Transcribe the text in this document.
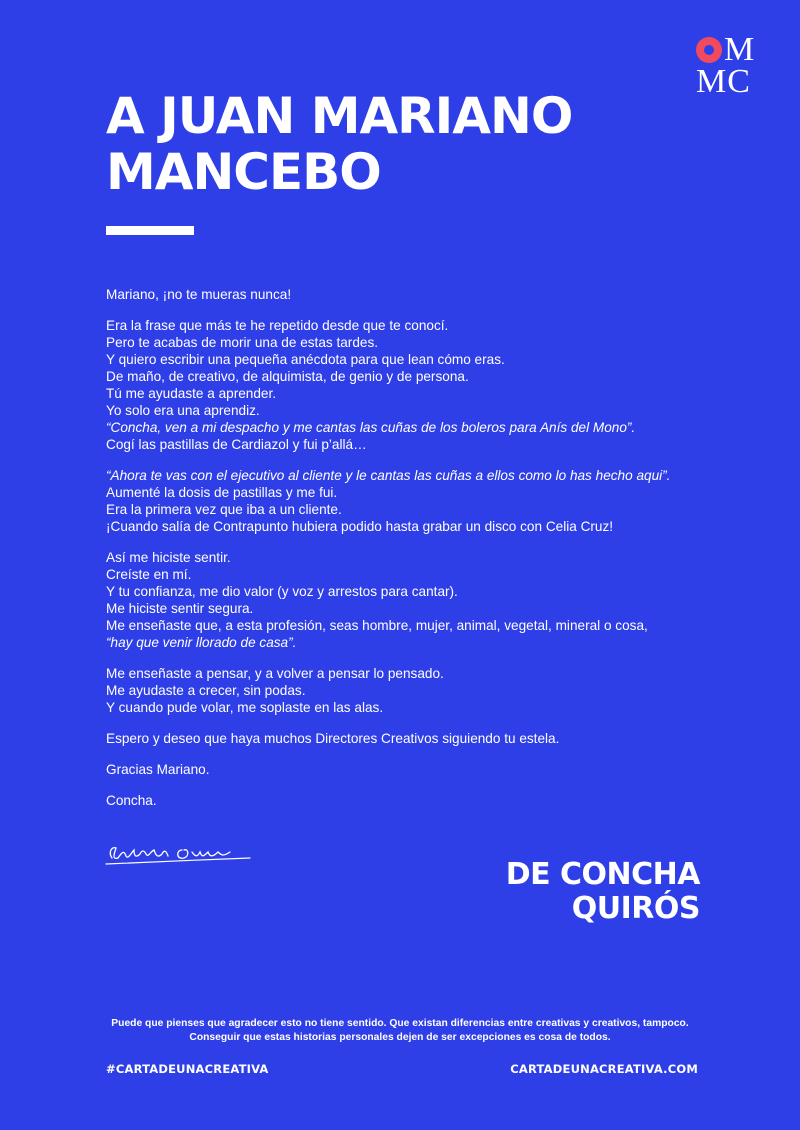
M
MC
A JUAN MARIANO MANCEBO

Mariano, ¡no te mueras nunca!

Era la frase que más te he repetido desde que te conocí.
Pero te acabas de morir una de estas tardes.
Y quiero escribir una pequeña anécdota para que lean cómo eras.
De maño, de creativo, de alquimista, de genio y de persona.
Tú me ayudaste a aprender.
Yo solo era una aprendiz.
“Concha, ven a mi despacho y me cantas las cuñas de los boleros para Anís del Mono”.
Cogí las pastillas de Cardiazol y fui p’allá…

“Ahora te vas con el ejecutivo al cliente y le cantas las cuñas a ellos como lo has hecho aqui”.
Aumenté la dosis de pastillas y me fui.
Era la primera vez que iba a un cliente.
¡Cuando salía de Contrapunto hubiera podido hasta grabar un disco con Celia Cruz!

Así me hiciste sentir.
Creíste en mí.
Y tu confianza, me dio valor (y voz y arrestos para cantar).
Me hiciste sentir segura.
Me enseñaste que, a esta profesión, seas hombre, mujer, animal, vegetal, mineral o cosa,
“hay que venir llorado de casa”.

Me enseñaste a pensar, y a volver a pensar lo pensado.
Me ayudaste a crecer, sin podas.
Y cuando pude volar, me soplaste en las alas.

Espero y deseo que haya muchos Directores Creativos siguiendo tu estela.

Gracias Mariano.

Concha.

DE CONCHA QUIRÓS
Puede que pienses que agradecer esto no tiene sentido. Que existan diferencias entre creativas y creativos, tampoco.
Conseguir que estas historias personales dejen de ser excepciones es cosa de todos.
#CARTADEUNACREATIVA	CARTADEUNACREATIVA.COM
